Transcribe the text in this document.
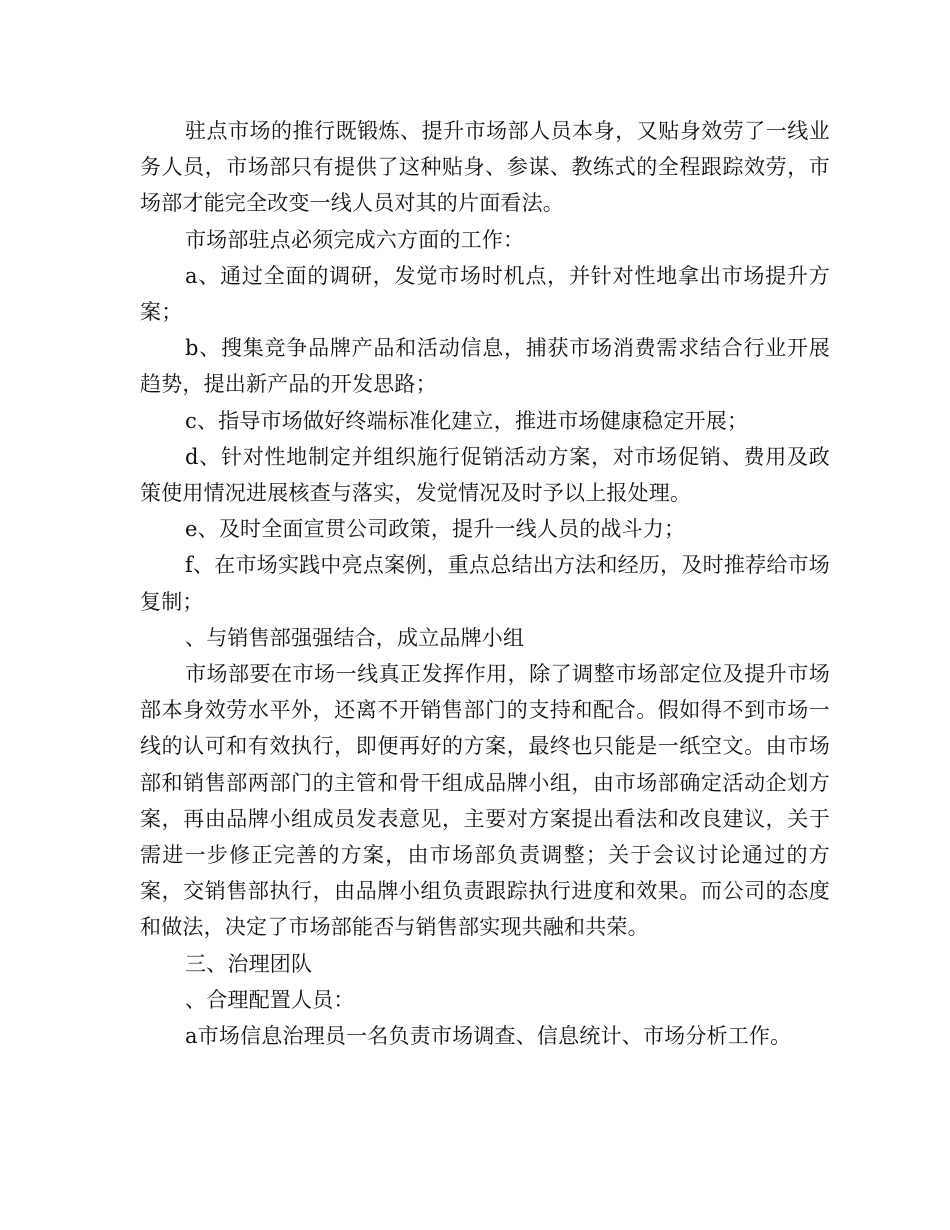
驻点市场的推行既锻炼、提升市场部人员本身，又贴身效劳了一线业务人员，市场部只有提供了这种贴身、参谋、教练式的全程跟踪效劳，市场部才能完全改变一线人员对其的片面看法。

市场部驻点必须完成六方面的工作：

a、通过全面的调研，发觉市场时机点，并针对性地拿出市场提升方案；

b、搜集竞争品牌产品和活动信息，捕获市场消费需求结合行业开展趋势，提出新产品的开发思路；

c、指导市场做好终端标准化建立，推进市场健康稳定开展；

d、针对性地制定并组织施行促销活动方案，对市场促销、费用及政策使用情况进展核查与落实，发觉情况及时予以上报处理。

e、及时全面宣贯公司政策，提升一线人员的战斗力；

f、在市场实践中亮点案例，重点总结出方法和经历，及时推荐给市场复制；

、与销售部强强结合，成立品牌小组

市场部要在市场一线真正发挥作用，除了调整市场部定位及提升市场部本身效劳水平外，还离不开销售部门的支持和配合。假如得不到市场一线的认可和有效执行，即便再好的方案，最终也只能是一纸空文。由市场部和销售部两部门的主管和骨干组成品牌小组，由市场部确定活动企划方案，再由品牌小组成员发表意见，主要对方案提出看法和改良建议，关于需进一步修正完善的方案，由市场部负责调整；关于会议讨论通过的方案，交销售部执行，由品牌小组负责跟踪执行进度和效果。而公司的态度和做法，决定了市场部能否与销售部实现共融和共荣。

三、治理团队

、合理配置人员：

a市场信息治理员一名负责市场调查、信息统计、市场分析工作。
